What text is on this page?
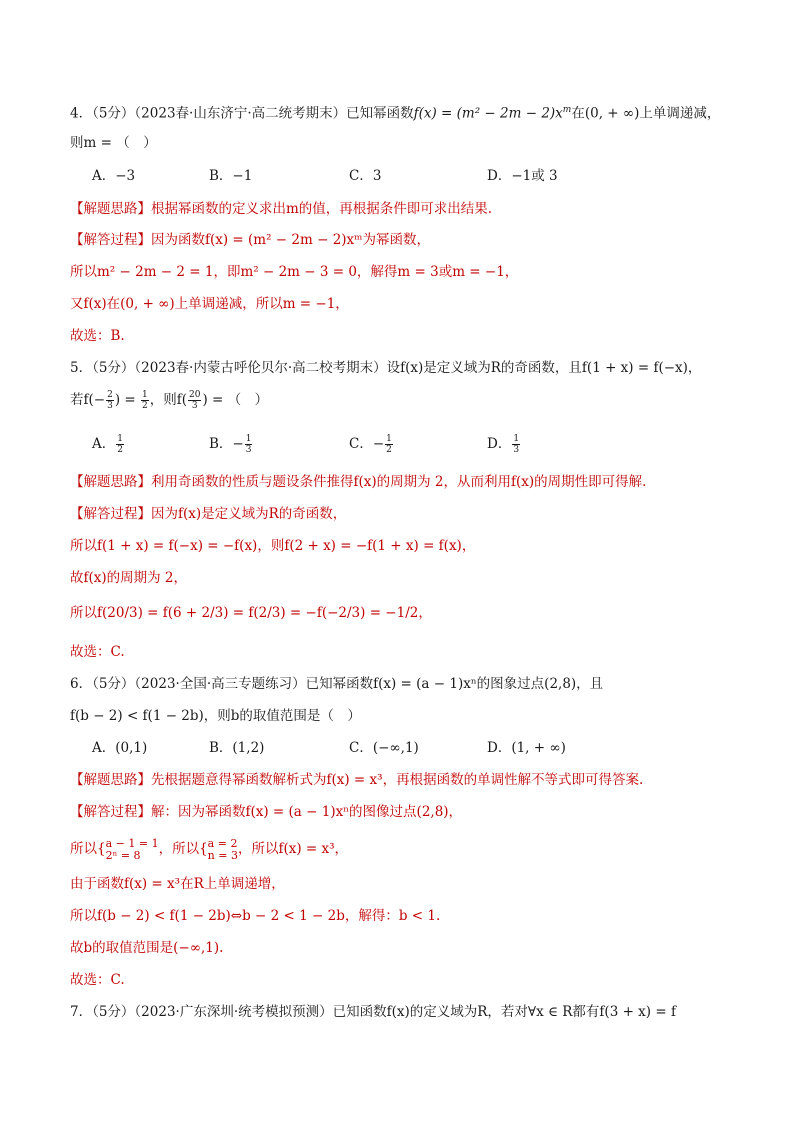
4．（5分）（2023春·山东济宁·高二统考期末）已知幂函数$f(x) = (m^2 - 2m - 2)x^m$在(0, + ∞)上单调递减，
则m = （　）
A．−3	B．−1	C．3	D．−1或 3
【解题思路】根据幂函数的定义求出m的值，再根据条件即可求出结果.
【解答过程】因为函数f(x) = (m² − 2m − 2)xᵐ为幂函数，
所以m² − 2m − 2 = 1，即m² − 2m − 3 = 0，解得m = 3或m = −1，
又f(x)在(0, + ∞)上单调递减，所以m = −1，
故选：B.
5．（5分）（2023春·内蒙古呼伦贝尔·高二校考期末）设f(x)是定义域为R的奇函数，且f(1 + x) = f(−x)，
若$f(- \frac{2}{3}$ ) = $\frac{1}{2}$ ，则$f( \frac{20}{3}$ ) = （　）
A． $\frac{1}{2}$	B．− $\frac{1}{3}$	C．− $\frac{1}{2}$	D． $\frac{1}{3}$
【解题思路】利用奇函数的性质与题设条件推得f(x)的周期为 2，从而利用f(x)的周期性即可得解.
【解答过程】因为f(x)是定义域为R的奇函数，
所以f(1 + x) = f(−x) = −f(x)，则f(2 + x) = −f(1 + x) = f(x)，
故f(x)的周期为 2，
所以f(20/3) = f(6 + 2/3) = f(2/3) = −f(−2/3) = −1/2，
故选：C.
6．（5分）（2023·全国·高三专题练习）已知幂函数f(x) = (a − 1)xⁿ的图象过点(2,8)，且
f(b − 2) < f(1 − 2b)，则b的取值范围是（　）
A．(0,1)	B．(1,2)	C．(−∞,1)	D．(1, + ∞)
【解题思路】先根据题意得幂函数解析式为f(x) = x³，再根据函数的单调性解不等式即可得答案.
【解答过程】解：因为幂函数f(x) = (a − 1)xⁿ的图像过点(2,8)，
所以{ a − 1 = 1
2ⁿ = 8	，所以{ a = 2
n = 3 ，所以f(x) = x³，
由于函数f(x) = x³在R上单调递增，
所以f(b − 2) < f(1 − 2b)⇔b − 2 < 1 − 2b，解得：b < 1.
故b的取值范围是(−∞,1).
故选：C.
7．（5分）（2023·广东深圳·统考模拟预测）已知函数f(x)的定义域为R，若对∀x ∈ R都有f(3 + x) = f
